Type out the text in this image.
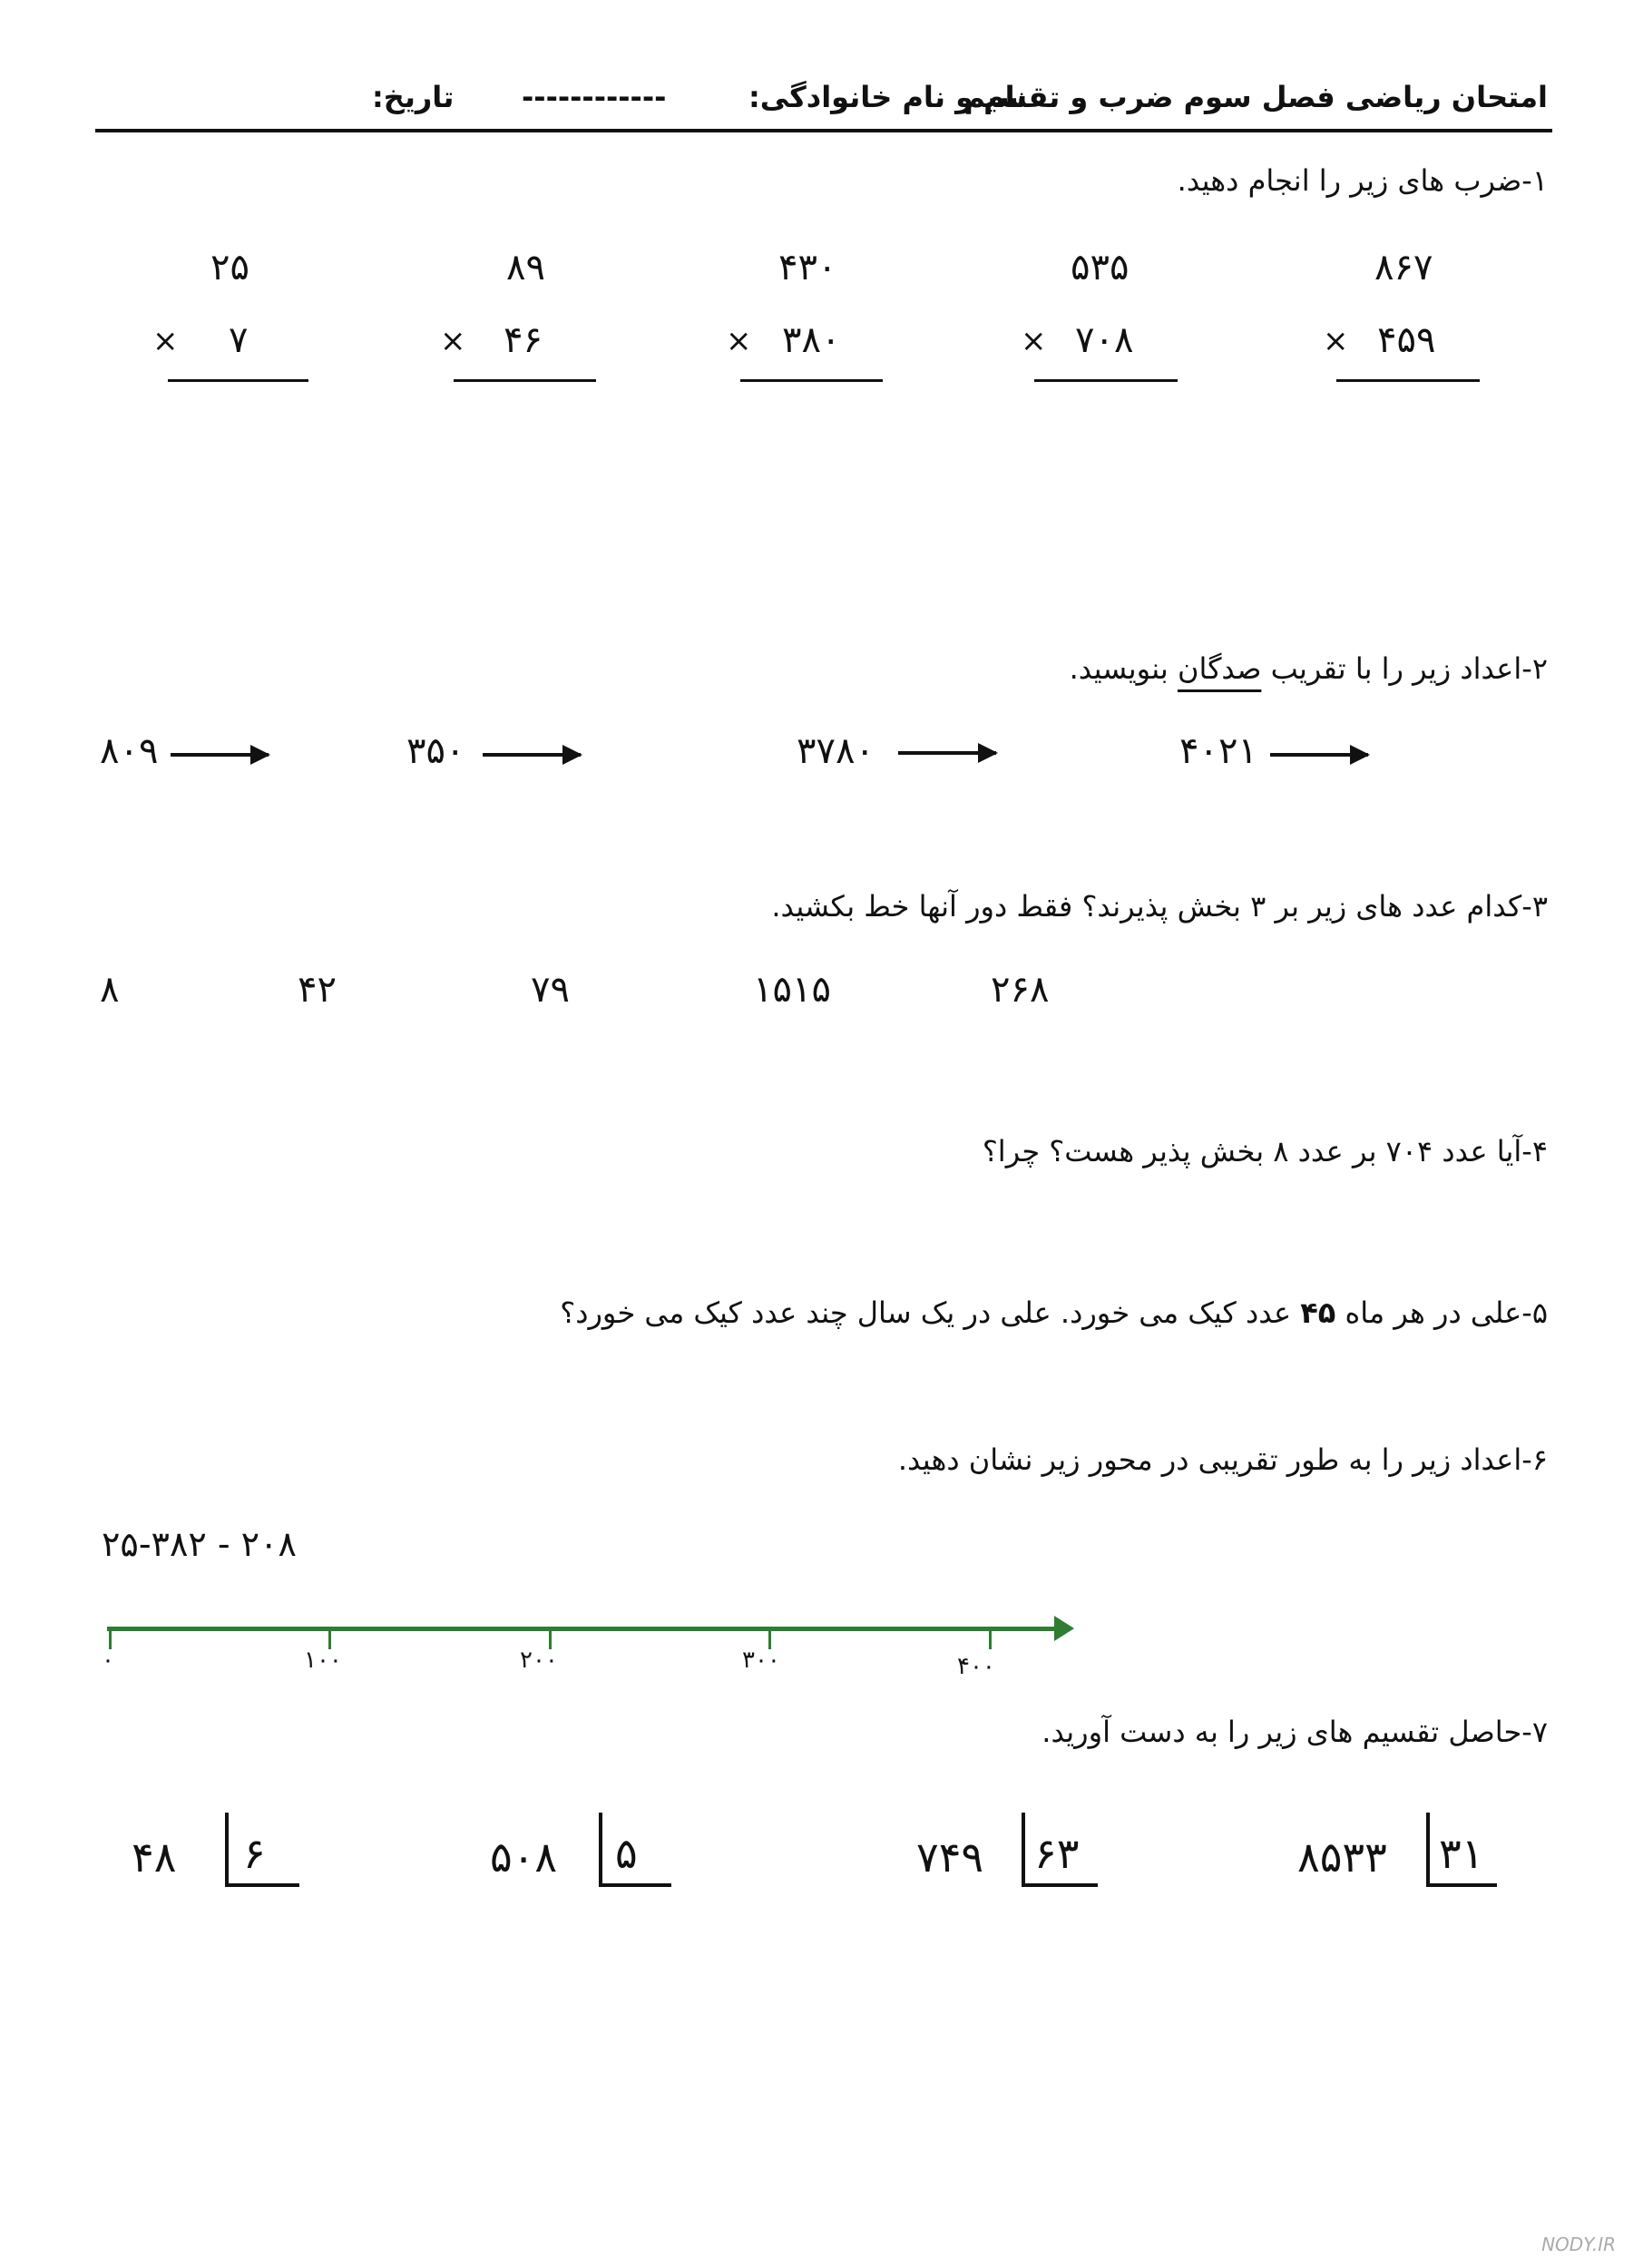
امتحان ریاضی فصل سوم ضرب و تقسیم
------------	نام و نام خانوادگی:
تاریخ:
۱-ضرب های زیر را انجام دهید.
۲۵
× ۷
۸۹
× ۴۶
۴۳۰
× ۳۸۰
۵۳۵
× ۷۰۸
۸۶۷
× ۴۵۹
۲-اعداد زیر را با تقریب صدگان بنویسید.
۸۰۹	۳۵۰	۳۷۸۰	۴۰۲۱
۳-کدام عدد های زیر بر ۳ بخش پذیرند؟ فقط دور آنها خط بکشید.
۸	۴۲	۷۹	۱۵۱۵	۲۶۸
۴-آیا عدد ۷۰۴ بر عدد ۸ بخش پذیر هست؟ چرا؟
۵-علی در هر ماه ۴۵ عدد کیک می خورد. علی در یک سال چند عدد کیک می خورد؟
۶-اعداد زیر را به طور تقریبی در محور زیر نشان دهید.
۲۵-۳۸۲ - ۲۰۸
۰	۱۰۰	۲۰۰	۳۰۰	۴۰۰
۷-حاصل تقسیم های زیر را به دست آورید.
۴۸ ۶	۵۰۸ ۵	۷۴۹ ۶۳	۸۵۳۳ ۳۱
NODY.IR
